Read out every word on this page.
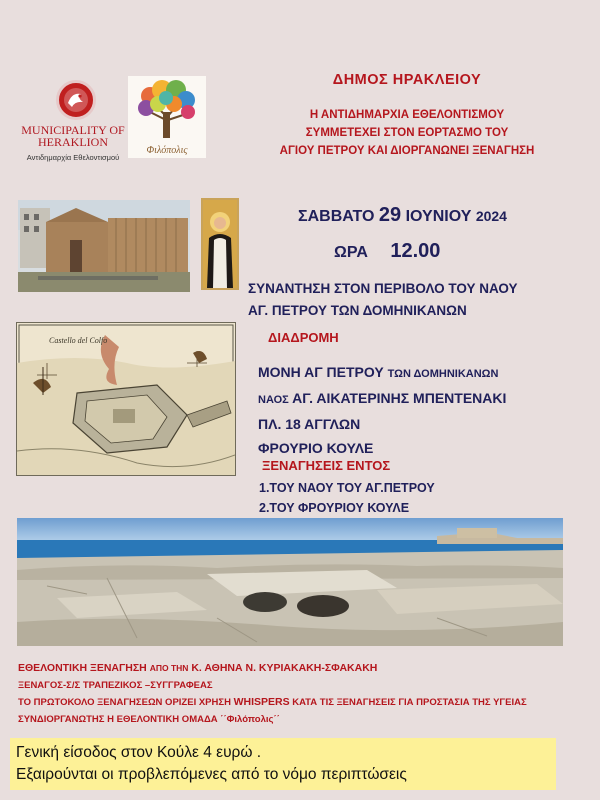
MUNICIPALITY OF HERAKLION
Αντιδημαρχία Εθελοντισμού
Φιλόπολις
ΔΗΜΟΣ ΗΡΑΚΛΕΙΟΥ
Η ΑΝΤΙΔΗΜΑΡΧΙΑ ΕΘΕΛΟΝΤΙΣΜΟΥ
ΣΥΜΜΕΤΕΧΕΙ ΣΤΟΝ ΕΟΡΤΑΣΜΟ ΤΟΥ
ΑΓΙΟΥ ΠΕΤΡΟΥ ΚΑΙ ΔΙΟΡΓΑΝΩΝΕΙ ΞΕΝΑΓΗΣΗ
ΣΑΒΒΑΤΟ 29 ΙΟΥΝΙΟΥ 2024
ΩΡΑ 12.00
ΣΥΝΑΝΤΗΣΗ ΣΤΟΝ ΠΕΡΙΒΟΛΟ ΤΟΥ ΝΑΟΥ
ΑΓ. ΠΕΤΡΟΥ ΤΩΝ ΔΟΜΗΝΙΚΑΝΩΝ
Castello del Colfo	ΔΙΑΔΡΟΜΗ
ΜΟΝΗ ΑΓ ΠΕΤΡΟΥ ΤΩΝ ΔΟΜΗΝΙΚΑΝΩΝ
ΝΑΟΣ ΑΓ. ΑΙΚΑΤΕΡΙΝΗΣ ΜΠΕΝΤΕΝΑΚΙ
ΠΛ. 18 ΑΓΓΛΩΝ
ΦΡΟΥΡΙΟ ΚΟΥΛΕ
ΞΕΝΑΓΗΣΕΙΣ ΕΝΤΟΣ
1.ΤΟΥ ΝΑΟΥ ΤΟΥ ΑΓ.ΠΕΤΡΟΥ
2.ΤΟΥ ΦΡΟΥΡΙΟΥ ΚΟΥΛΕ
ΕΘΕΛΟΝΤΙΚΗ ΞΕΝΑΓΗΣΗ ΑΠΟ ΤΗΝ Κ. ΑΘΗΝΑ Ν. ΚΥΡΙΑΚΑΚΗ-ΣΦΑΚΑΚΗ
ΞΕΝΑΓΟΣ-Σ/Σ ΤΡΑΠΕΖΙΚΟΣ –ΣΥΓΓΡΑΦΕΑΣ
ΤΟ ΠΡΩΤΟΚΟΛΟ ΞΕΝΑΓΗΣΕΩΝ ΟΡΙΖΕΙ ΧΡΗΣΗ WHISPERS ΚΑΤΑ ΤΙΣ ΞΕΝΑΓΗΣΕΙΣ ΓΙΑ ΠΡΟΣΤΑΣΙΑ ΤΗΣ ΥΓΕΙΑΣ
ΣΥΝΔΙΟΡΓΑΝΩΤΗΣ Η ΕΘΕΛΟΝΤΙΚΗ ΟΜΑΔΑ ΄΄Φιλόπολις΄΄
Γενική είσοδος στον Κούλε 4 ευρώ .
Εξαιρούνται οι προβλεπόμενες από το νόμο περιπτώσεις
